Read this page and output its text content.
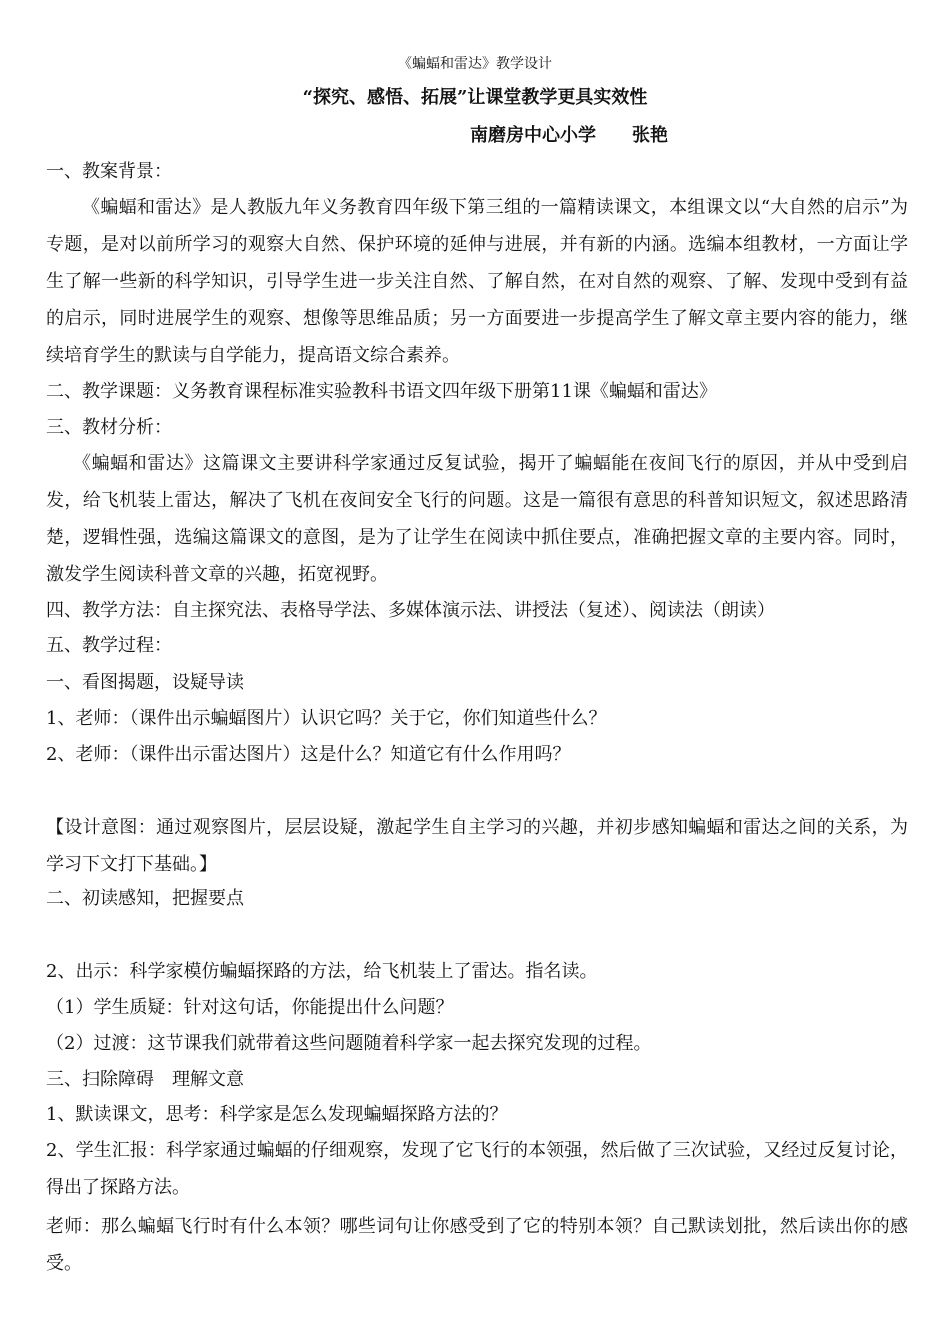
《蝙蝠和雷达》教学设计
“探究、感悟、拓展”让课堂教学更具实效性
南磨房中心小学 张艳
一、教案背景：
《蝙蝠和雷达》是人教版九年义务教育四年级下第三组的一篇精读课文，本组课文以“大自然的启示”为专题，是对以前所学习的观察大自然、保护环境的延伸与进展，并有新的内涵。选编本组教材，一方面让学生了解一些新的科学知识，引导学生进一步关注自然、了解自然，在对自然的观察、了解、发现中受到有益的启示，同时进展学生的观察、想像等思维品质；另一方面要进一步提高学生了解文章主要内容的能力，继续培育学生的默读与自学能力，提高语文综合素养。
二、教学课题：义务教育课程标准实验教科书语文四年级下册第11课《蝙蝠和雷达》
三、教材分析：
《蝙蝠和雷达》这篇课文主要讲科学家通过反复试验，揭开了蝙蝠能在夜间飞行的原因，并从中受到启发，给飞机装上雷达，解决了飞机在夜间安全飞行的问题。这是一篇很有意思的科普知识短文，叙述思路清楚，逻辑性强，选编这篇课文的意图，是为了让学生在阅读中抓住要点，准确把握文章的主要内容。同时，激发学生阅读科普文章的兴趣，拓宽视野。
四、教学方法：自主探究法、表格导学法、多媒体演示法、讲授法（复述）、阅读法（朗读）
五、教学过程：
一、看图揭题，设疑导读
1、老师：（课件出示蝙蝠图片）认识它吗？关于它，你们知道些什么？
2、老师：（课件出示雷达图片）这是什么？知道它有什么作用吗？
【设计意图：通过观察图片，层层设疑，激起学生自主学习的兴趣，并初步感知蝙蝠和雷达之间的关系，为学习下文打下基础。】
二、初读感知，把握要点
2、出示：科学家模仿蝙蝠探路的方法，给飞机装上了雷达。指名读。
（1）学生质疑：针对这句话，你能提出什么问题？
（2）过渡：这节课我们就带着这些问题随着科学家一起去探究发现的过程。
三、扫除障碍　理解文意
1、默读课文，思考：科学家是怎么发现蝙蝠探路方法的？
2、学生汇报：科学家通过蝙蝠的仔细观察，发现了它飞行的本领强，然后做了三次试验，又经过反复讨论，得出了探路方法。
老师：那么蝙蝠飞行时有什么本领？哪些词句让你感受到了它的特别本领？自己默读划批，然后读出你的感受。
